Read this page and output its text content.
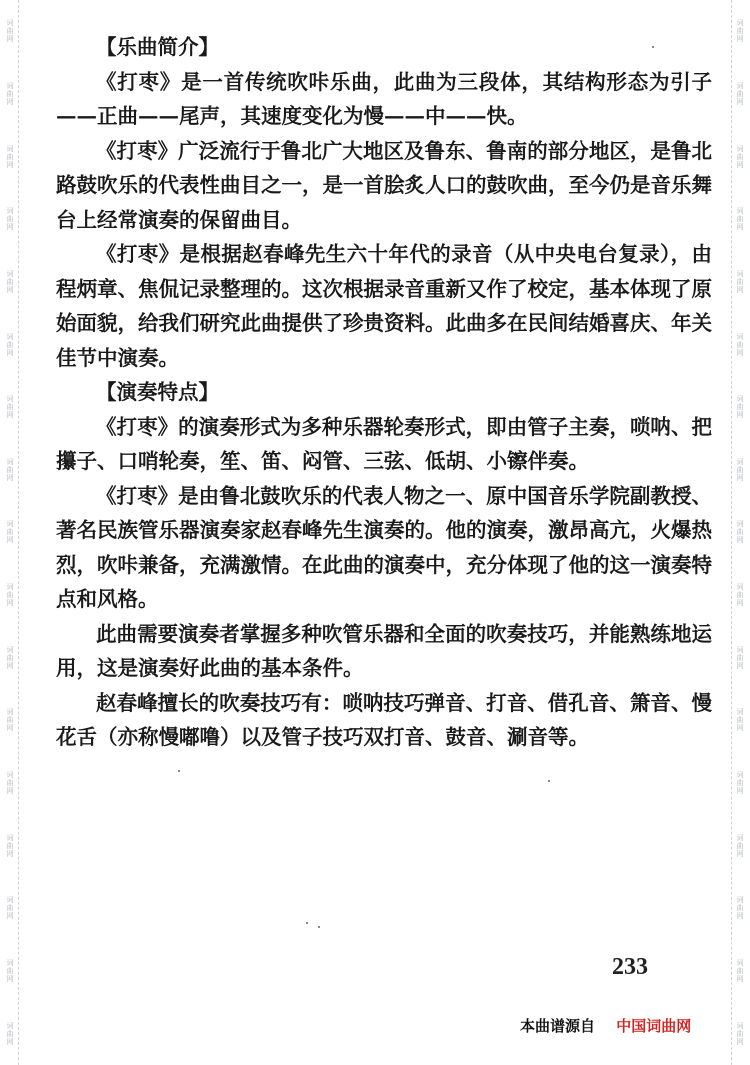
词曲网
词曲网
词曲网
词曲网
词曲网
词曲网
词曲网
词曲网
词曲网
词曲网
词曲网
词曲网
词曲网
词曲网
词曲网
词曲网
词曲网
词曲网
词曲网
词曲网
词曲网
词曲网
词曲网
词曲网
词曲网
词曲网
词曲网
词曲网
词曲网
词曲网
词曲网
词曲网
词曲网
词曲网

【乐曲简介】

《打枣》是一首传统吹咔乐曲，此曲为三段体，其结构形态为引子——正曲——尾声，其速度变化为慢——中——快。

《打枣》广泛流行于鲁北广大地区及鲁东、鲁南的部分地区，是鲁北路鼓吹乐的代表性曲目之一，是一首脍炙人口的鼓吹曲，至今仍是音乐舞台上经常演奏的保留曲目。

《打枣》是根据赵春峰先生六十年代的录音（从中央电台复录），由程炳章、焦侃记录整理的。这次根据录音重新又作了校定，基本体现了原始面貌，给我们研究此曲提供了珍贵资料。此曲多在民间结婚喜庆、年关佳节中演奏。

【演奏特点】

《打枣》的演奏形式为多种乐器轮奏形式，即由管子主奏，唢呐、把攥子、口哨轮奏，笙、笛、闷管、三弦、低胡、小镲伴奏。

《打枣》是由鲁北鼓吹乐的代表人物之一、原中国音乐学院副教授、著名民族管乐器演奏家赵春峰先生演奏的。他的演奏，激昂高亢，火爆热烈，吹咔兼备，充满激情。在此曲的演奏中，充分体现了他的这一演奏特点和风格。

此曲需要演奏者掌握多种吹管乐器和全面的吹奏技巧，并能熟练地运用，这是演奏好此曲的基本条件。

赵春峰擅长的吹奏技巧有：唢呐技巧弹音、打音、借孔音、箫音、慢花舌（亦称慢嘟噜）以及管子技巧双打音、鼓音、涮音等。

233
本曲谱源自 中国词曲网
